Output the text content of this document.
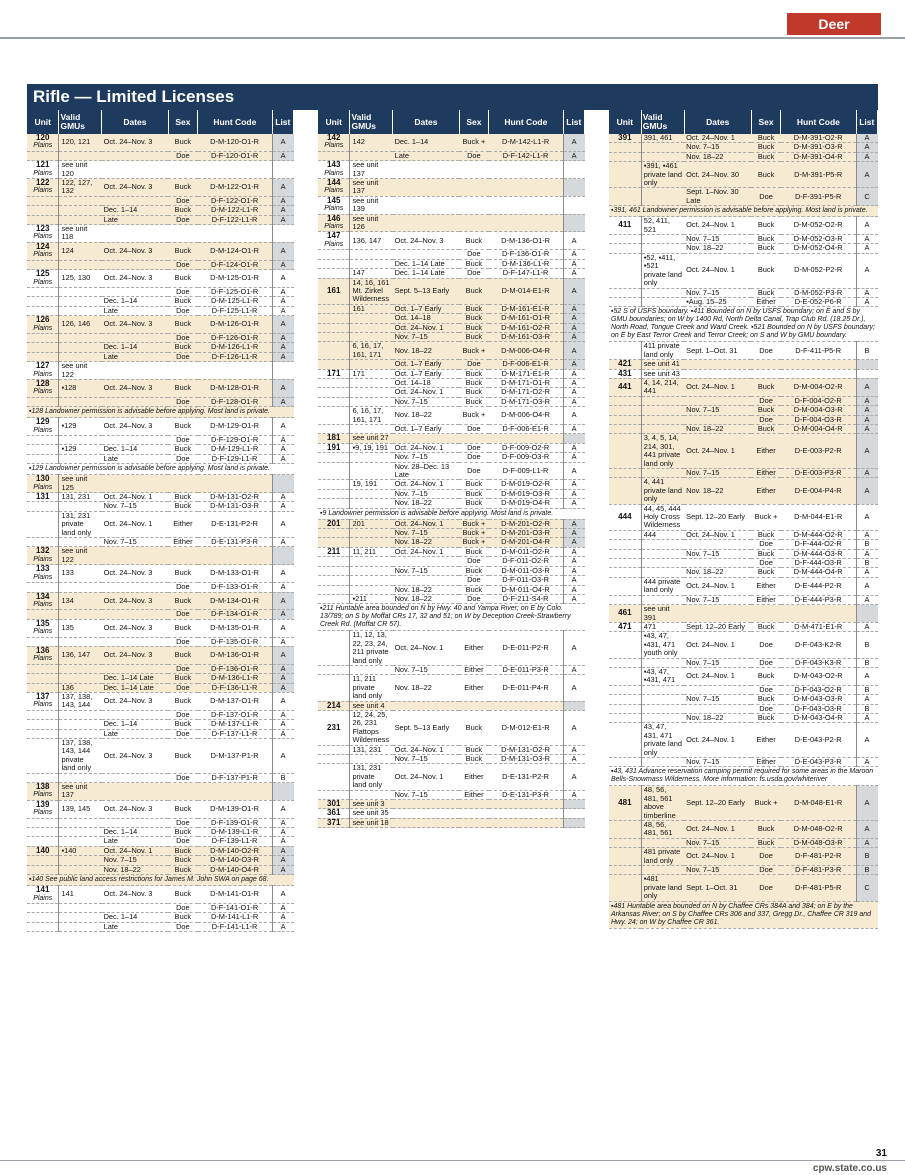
Deer
Rifle — Limited Licenses
Unit	Valid GMUs	Dates	Sex	Hunt Code	List
120
Plains	120, 121	Oct. 24–Nov. 3	Buck	D-M-120-O1-R	A
			Doe	D-F-120-O1-R	A
121
Plains	see unit 120				
122
Plains	122, 127, 132	Oct. 24–Nov. 3	Buck	D-M-122-O1-R	A
			Doe	D-F-122-O1-R	A
		Dec. 1–14	Buck	D-M-122-L1-R	A
		Late	Doe	D-F-122-L1-R	A
123
Plains	see unit 118				
124
Plains	124	Oct. 24–Nov. 3	Buck	D-M-124-O1-R	A
			Doe	D-F-124-O1-R	A
125
Plains	125, 130	Oct. 24–Nov. 3	Buck	D-M-125-O1-R	A
			Doe	D-F-125-O1-R	A
		Dec. 1–14	Buck	D-M-125-L1-R	A
		Late	Doe	D-F-125-L1-R	A
126
Plains	126, 146	Oct. 24–Nov. 3	Buck	D-M-126-O1-R	A
			Doe	D-F-126-O1-R	A
		Dec. 1–14	Buck	D-M-126-L1-R	A
		Late	Doe	D-F-126-L1-R	A
127
Plains	see unit 122				
128
Plains	▪128	Oct. 24–Nov. 3	Buck	D-M-128-O1-R	A
			Doe	D-F-128-O1-R	A
▪128 Landowner permission is advisable before applying. Most land is private.					
129
Plains	▪129	Oct. 24–Nov. 3	Buck	D-M-129-O1-R	A
			Doe	D-F-129-O1-R	A
	▪129	Dec. 1–14	Buck	D-M-129-L1-R	A
		Late	Doe	D-F-129-L1-R	A
▪129 Landowner permission is advisable before applying. Most land is private.					
130
Plains	see unit 125				
131	131, 231	Oct. 24–Nov. 1	Buck	D-M-131-O2-R	A
		Nov. 7–15	Buck	D-M-131-O3-R	A
	131, 231 private land only	Oct. 24–Nov. 1	Either	D-E-131-P2-R	A
		Nov. 7–15	Either	D-E-131-P3-R	A
132
Plains	see unit 122				
133
Plains	133	Oct. 24–Nov. 3	Buck	D-M-133-O1-R	A
			Doe	D-F-133-O1-R	A
134
Plains	134	Oct. 24–Nov. 3	Buck	D-M-134-O1-R	A
			Doe	D-F-134-O1-R	A
135
Plains	135	Oct. 24–Nov. 3	Buck	D-M-135-O1-R	A
			Doe	D-F-135-O1-R	A
136
Plains	136, 147	Oct. 24–Nov. 3	Buck	D-M-136-O1-R	A
			Doe	D-F-136-O1-R	A
		Dec. 1–14 Late	Buck	D-M-136-L1-R	A
	136	Dec. 1–14 Late	Doe	D-F-136-L1-R	A
137
Plains	137, 138, 143, 144	Oct. 24–Nov. 3	Buck	D-M-137-O1-R	A
			Doe	D-F-137-O1-R	A
		Dec. 1–14	Buck	D-M-137-L1-R	A
		Late	Doe	D-F-137-L1-R	A
	137, 138, 143, 144 private land only	Oct. 24–Nov. 3	Buck	D-M-137-P1-R	A
			Doe	D-F-137-P1-R	B
138
Plains	see unit 137				
139
Plains	139, 145	Oct. 24–Nov. 3	Buck	D-M-139-O1-R	A
			Doe	D-F-139-O1-R	A
		Dec. 1–14	Buck	D-M-139-L1-R	A
		Late	Doe	D-F-139-L1-R	A
140	▪140	Oct. 24–Nov. 1	Buck	D-M-140-O2-R	A
		Nov. 7–15	Buck	D-M-140-O3-R	A
		Nov. 18–22	Buck	D-M-140-O4-R	A
▪140 See public land access restrictions for James M. John SWA on page 68.					
141
Plains	141	Oct. 24–Nov. 3	Buck	D-M-141-O1-R	A
			Doe	D-F-141-O1-R	A
		Dec. 1–14	Buck	D-M-141-L1-R	A
		Late	Doe	D-F-141-L1-R	A
Unit	Valid GMUs	Dates	Sex	Hunt Code	List
142
Plains	142	Dec. 1–14	Buck +	D-M-142-L1-R	A
		Late	Doe	D-F-142-L1-R	A
143
Plains	see unit 137				
144
Plains	see unit 137				
145
Plains	see unit 139				
146
Plains	see unit 126				
147
Plains	136, 147	Oct. 24–Nov. 3	Buck	D-M-136-O1-R	A
			Doe	D-F-136-O1-R	A
		Dec. 1–14 Late	Buck	D-M-136-L1-R	A
	147	Dec. 1–14 Late	Doe	D-F-147-L1-R	A
161	14, 16, 161 Mt. Zirkel Wilderness	Sept. 5–13 Early	Buck	D-M-014-E1-R	A
	161	Oct. 1–7 Early	Buck	D-M-161-E1-R	A
		Oct. 14–18	Buck	D-M-161-O1-R	A
		Oct. 24–Nov. 1	Buck	D-M-161-O2-R	A
		Nov. 7–15	Buck	D-M-161-O3-R	A
	6, 16, 17, 161, 171	Nov. 18–22	Buck +	D-M-006-O4-R	A
		Oct. 1–7 Early	Doe	D-F-006-E1-R	A
171	171	Oct. 1–7 Early	Buck	D-M-171-E1-R	A
		Oct. 14–18	Buck	D-M-171-O1-R	A
		Oct. 24–Nov. 1	Buck	D-M-171-O2-R	A
		Nov. 7–15	Buck	D-M-171-O3-R	A
	6, 16, 17, 161, 171	Nov. 18–22	Buck +	D-M-006-O4-R	A
		Oct. 1–7 Early	Doe	D-F-006-E1-R	A
181	see unit 27				
191	▪9, 19, 191	Oct. 24–Nov. 1	Doe	D-F-009-O2-R	A
		Nov. 7–15	Doe	D-F-009-O3-R	A
		Nov. 28–Dec. 13 Late	Doe	D-F-009-L1-R	A
	19, 191	Oct. 24–Nov. 1	Buck	D-M-019-O2-R	A
		Nov. 7–15	Buck	D-M-019-O3-R	A
		Nov. 18–22	Buck	D-M-019-O4-R	A
▪9 Landowner permission is advisable before applying. Most land is private.					
201	201	Oct. 24–Nov. 1	Buck +	D-M-201-O2-R	A
		Nov. 7–15	Buck +	D-M-201-O3-R	A
		Nov. 18–22	Buck +	D-M-201-O4-R	A
211	11, 211	Oct. 24–Nov. 1	Buck	D-M-011-O2-R	A
			Doe	D-F-011-O2-R	A
		Nov. 7–15	Buck	D-M-011-O3-R	A
			Doe	D-F-011-O3-R	A
		Nov. 18–22	Buck	D-M-011-O4-R	A
	▪211	Nov. 18–22	Doe	D-F-211-S4-R	A
▪211 Huntable area bounded on N by Hwy. 40 and Yampa River; on E by Colo. 13/789; on S by Moffat CRs 17, 32 and 51; on W by Deception Creek-Strawberry Creek Rd. (Moffat CR 57).					
	11, 12, 13, 22, 23, 24, 211 private land only	Oct. 24–Nov. 1	Either	D-E-011-P2-R	A
		Nov. 7–15	Either	D-E-011-P3-R	A
	11, 211 private land only	Nov. 18–22	Either	D-E-011-P4-R	A
214	see unit 4				
231	12, 24, 25, 26, 231 Flattops Wilderness	Sept. 5–13 Early	Buck	D-M-012-E1-R	A
	131, 231	Oct. 24–Nov. 1	Buck	D-M-131-O2-R	A
		Nov. 7–15	Buck	D-M-131-O3-R	A
	131, 231 private land only	Oct. 24–Nov. 1	Either	D-E-131-P2-R	A
		Nov. 7–15	Either	D-E-131-P3-R	A
301	see unit 3				
361	see unit 35				
371	see unit 18				
Unit	Valid GMUs	Dates	Sex	Hunt Code	List
391	391, 461	Oct. 24–Nov. 1	Buck	D-M-391-O2-R	A
		Nov. 7–15	Buck	D-M-391-O3-R	A
		Nov. 18–22	Buck	D-M-391-O4-R	A
	▪391, ▪461 private land only	Oct. 24–Nov. 30	Buck	D-M-391-P5-R	A
		Sept. 1–Nov. 30 Late	Doe	D-F-391-P5-R	C
▪391, 461 Landowner permission is advisable before applying. Most land is private.					
411	52, 411, 521	Oct. 24–Nov. 1	Buck	D-M-052-O2-R	A
		Nov. 7–15	Buck	D-M-052-O3-R	A
		Nov. 18–22	Buck	D-M-052-O4-R	A
	▪52, ▪411, ▪521 private land only	Oct. 24–Nov. 1	Buck	D-M-052-P2-R	A
		Nov. 7–15	Buck	D-M-052-P3-R	A
		▪Aug. 15–25	Either	D-E-052-P6-R	A
▪52 S of USFS boundary. ▪411 Bounded on N by USFS boundary; on E and S by GMU boundaries; on W by 1400 Rd, North Delta Canal, Trap Club Rd. (18.25 Dr.), North Road, Tongue Creek and Ward Creek. ▪521 Bounded on N by USFS boundary; on E by East Terror Creek and Terror Creek; on S and W by GMU boundary.					
	411 private land only	Sept. 1–Oct. 31	Doe	D-F-411-P5-R	B
421	see unit 41				
431	see unit 43				
441	4, 14, 214, 441	Oct. 24–Nov. 1	Buck	D-M-004-O2-R	A
			Doe	D-F-004-O2-R	A
		Nov. 7–15	Buck	D-M-004-O3-R	A
			Doe	D-F-004-O3-R	A
		Nov. 18–22	Buck	D-M-004-O4-R	A
	3, 4, 5, 14, 214, 301, 441 private land only	Oct. 24–Nov. 1	Either	D-E-003-P2-R	A
		Nov. 7–15	Either	D-E-003-P3-R	A
	4, 441 private land only	Nov. 18–22	Either	D-E-004-P4-R	A
444	44, 45, 444 Holy Cross Wilderness	Sept. 12–20 Early	Buck +	D-M-044-E1-R	A
	444	Oct. 24–Nov. 1	Buck	D-M-444-O2-R	A
			Doe	D-F-444-O2-R	B
		Nov. 7–15	Buck	D-M-444-O3-R	A
			Doe	D-F-444-O3-R	B
		Nov. 18–22	Buck	D-M-444-O4-R	A
	444 private land only	Oct. 24–Nov. 1	Either	D-E-444-P2-R	A
		Nov. 7–15	Either	D-E-444-P3-R	A
461	see unit 391				
471	471	Sept. 12–20 Early	Buck	D-M-471-E1-R	A
	▪43, 47, ▪431, 471 youth only	Oct. 24–Nov. 1	Doe	D-F-043-K2-R	B
		Nov. 7–15	Doe	D-F-043-K3-R	B
	▪43, 47, ▪431, 471	Oct. 24–Nov. 1	Buck	D-M-043-O2-R	A
			Doe	D-F-043-O2-R	B
		Nov. 7–15	Buck	D-M-043-O3-R	A
			Doe	D-F-043-O3-R	B
		Nov. 18–22	Buck	D-M-043-O4-R	A
	43, 47, 431, 471 private land only	Oct. 24–Nov. 1	Either	D-E-043-P2-R	A
		Nov. 7–15	Either	D-E-043-P3-R	A
▪43, 431 Advance reservation camping permit required for some areas in the Maroon Bells-Snowmass Wilderness. More information: fs.usda.gov/whiteriver					
481	48, 56, 481, 561 above timberline	Sept. 12–20 Early	Buck +	D-M-048-E1-R	A
	48, 56, 481, 561	Oct. 24–Nov. 1	Buck	D-M-048-O2-R	A
		Nov. 7–15	Buck	D-M-048-O3-R	A
	481 private land only	Oct. 24–Nov. 1	Doe	D-F-481-P2-R	B
		Nov. 7–15	Doe	D-F-481-P3-R	B
	▪481 private land only	Sept. 1–Oct. 31	Doe	D-F-481-P5-R	C
▪481 Huntable area bounded on N by Chaffee CRs 384A and 384; on E by the Arkansas River; on S by Chaffee CRs 306 and 337, Gregg Dr., Chaffee CR 319 and Hwy. 24; on W by Chaffee CR 361.					
31
cpw.state.co.us
